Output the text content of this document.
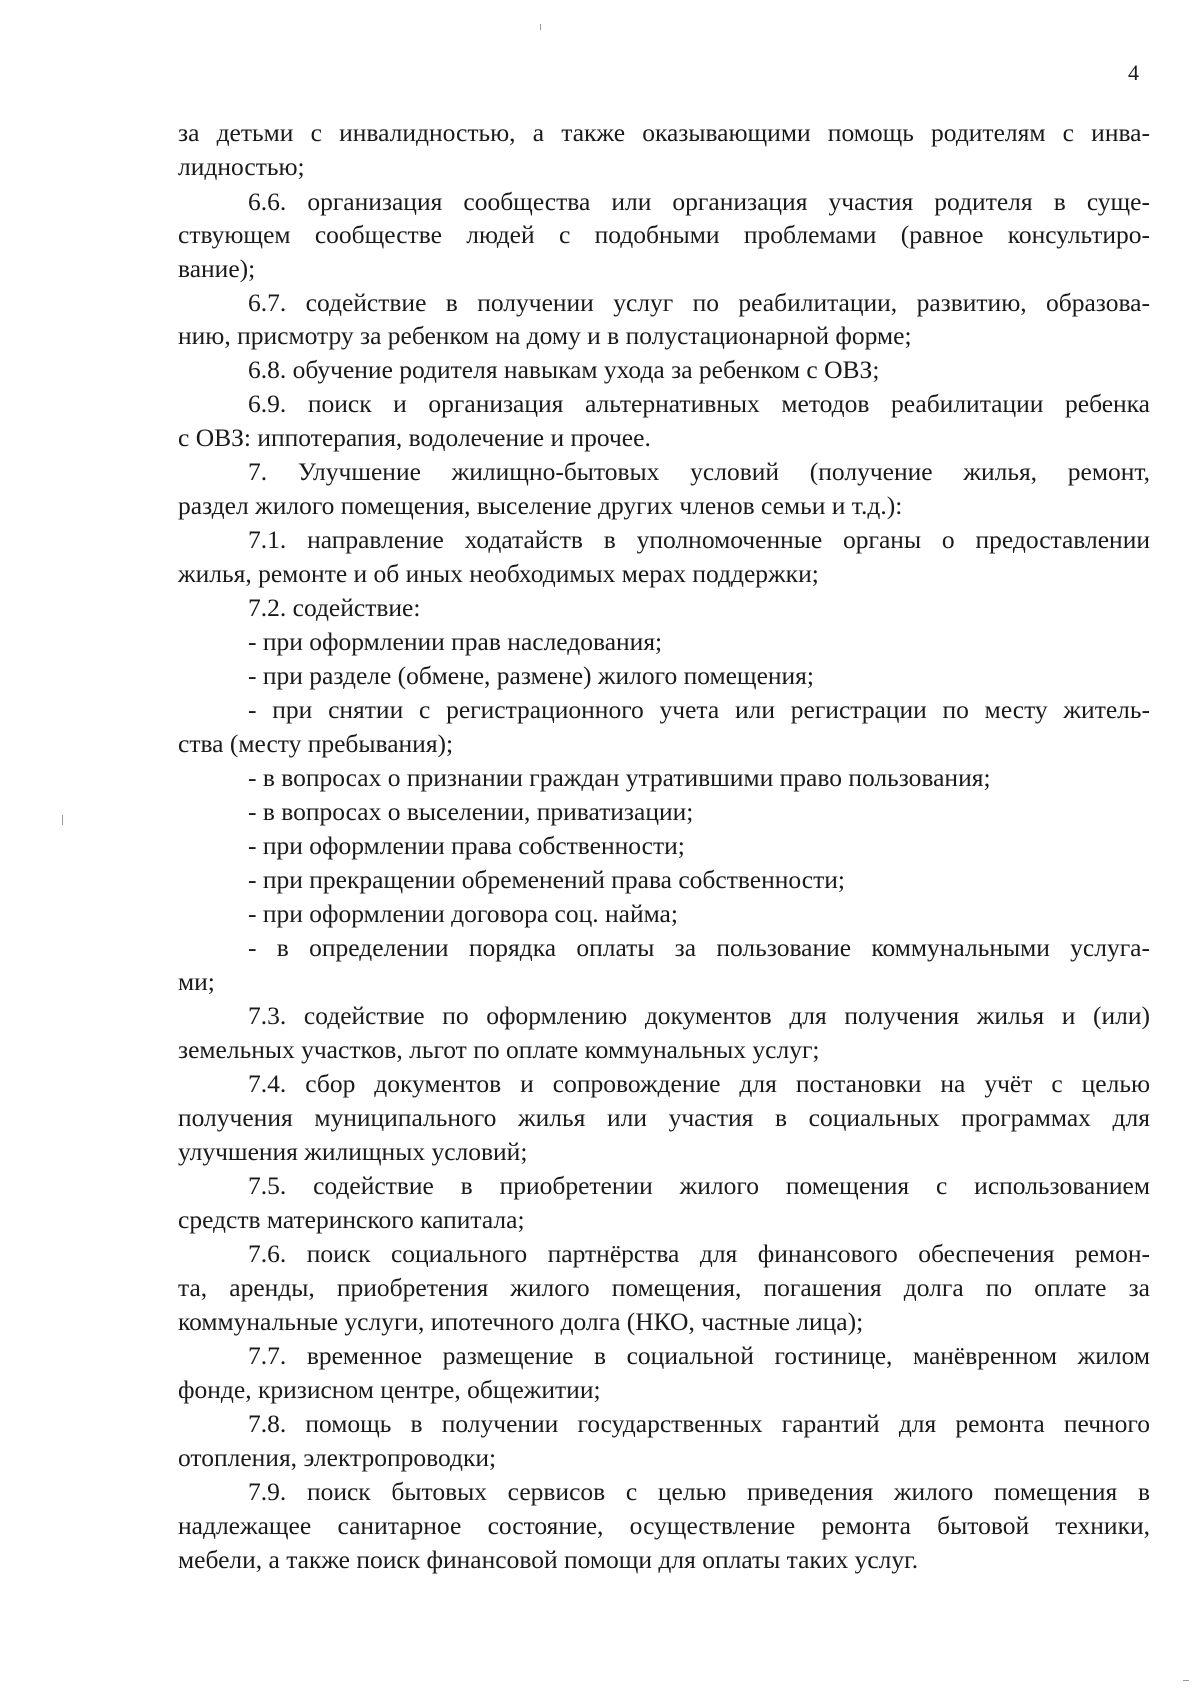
4
за детьми с инвалидностью, а также оказывающими помощь родителям с инва-
лидностью;
6.6. организация сообщества или организация участия родителя в суще-
ствующем сообществе людей с подобными проблемами (равное консультиро-
вание);
6.7. содействие в получении услуг по реабилитации, развитию, образова-
нию, присмотру за ребенком на дому и в полустационарной форме;
6.8. обучение родителя навыкам ухода за ребенком с ОВЗ;
6.9. поиск и организация альтернативных методов реабилитации ребенка
с ОВЗ: иппотерапия, водолечение и прочее.
7. Улучшение жилищно-бытовых условий (получение жилья, ремонт,
раздел жилого помещения, выселение других членов семьи и т.д.):
7.1. направление ходатайств в уполномоченные органы о предоставлении
жилья, ремонте и об иных необходимых мерах поддержки;
7.2. содействие:
- при оформлении прав наследования;
- при разделе (обмене, размене) жилого помещения;
- при снятии с регистрационного учета или регистрации по месту житель-
ства (месту пребывания);
- в вопросах о признании граждан утратившими право пользования;
- в вопросах о выселении, приватизации;
- при оформлении права собственности;
- при прекращении обременений права собственности;
- при оформлении договора соц. найма;
- в определении порядка оплаты за пользование коммунальными услуга-
ми;
7.3. содействие по оформлению документов для получения жилья и (или)
земельных участков, льгот по оплате коммунальных услуг;
7.4. сбор документов и сопровождение для постановки на учёт с целью
получения муниципального жилья или участия в социальных программах для
улучшения жилищных условий;
7.5. содействие в приобретении жилого помещения с использованием
средств материнского капитала;
7.6. поиск социального партнёрства для финансового обеспечения ремон-
та, аренды, приобретения жилого помещения, погашения долга по оплате за
коммунальные услуги, ипотечного долга (НКО, частные лица);
7.7. временное размещение в социальной гостинице, манёвренном жилом
фонде, кризисном центре, общежитии;
7.8. помощь в получении государственных гарантий для ремонта печного
отопления, электропроводки;
7.9. поиск бытовых сервисов с целью приведения жилого помещения в
надлежащее санитарное состояние, осуществление ремонта бытовой техники,
мебели, а также поиск финансовой помощи для оплаты таких услуг.
